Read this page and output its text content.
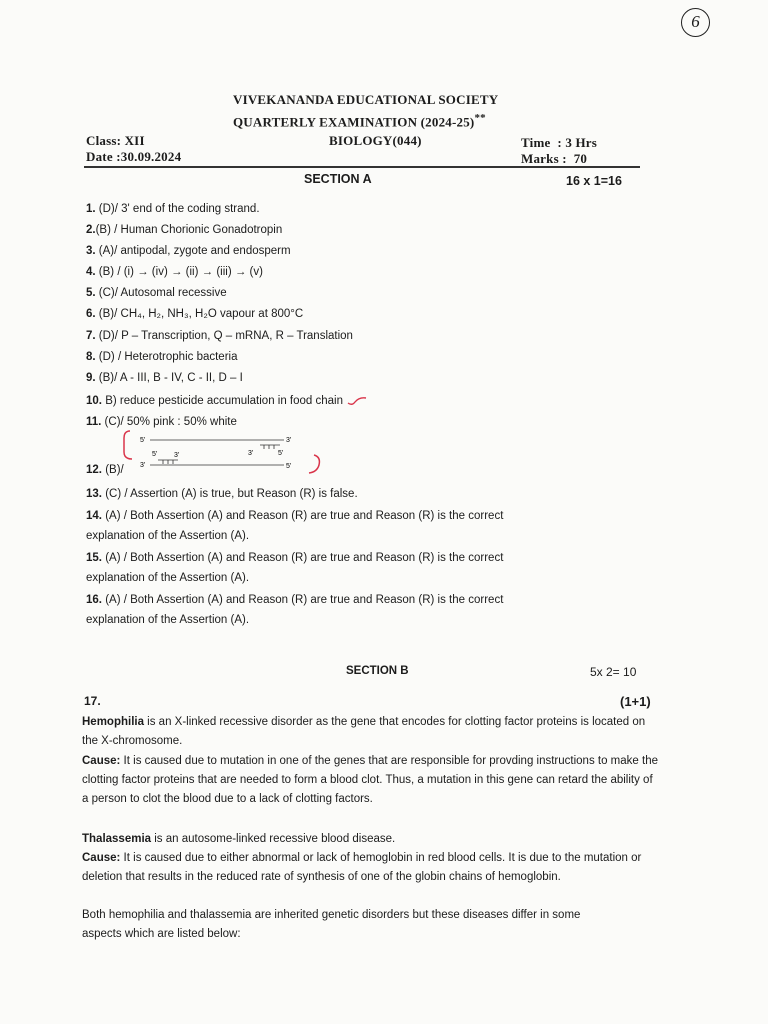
6
VIVEKANANDA EDUCATIONAL SOCIETY
QUARTERLY EXAMINATION (2024-25)**
Class: XII	BIOLOGY(044)	Time  : 3 Hrs
Date :30.09.2024	Marks :  70
SECTION A	16 x 1=16
1. (D)/ 3' end of the coding strand.
2.(B) / Human Chorionic Gonadotropin
3. (A)/ antipodal, zygote and endosperm
4. (B) / (i) → (iv) → (ii) → (iii) → (v)
5. (C)/ Autosomal recessive
6. (B)/ CH₄, H₂, NH₃, H₂O vapour at 800°C
7. (D)/ P – Transcription, Q – mRNA, R – Translation
8. (D) / Heterotrophic bacteria
9. (B)/ A - III, B - IV, C - II, D – I
10. B) reduce pesticide accumulation in food chain
11. (C)/ 50% pink : 50% white
5'	3'
3'	5'
5' 3'
3'	5'
12. (B)/
13. (C) / Assertion (A) is true, but Reason (R) is false.
14. (A) / Both Assertion (A) and Reason (R) are true and Reason (R) is the correct
explanation of the Assertion (A).
15. (A) / Both Assertion (A) and Reason (R) are true and Reason (R) is the correct
explanation of the Assertion (A).
16. (A) / Both Assertion (A) and Reason (R) are true and Reason (R) is the correct
explanation of the Assertion (A).
SECTION B	5x 2= 10
17.	(1+1)
Hemophilia is an X-linked recessive disorder as the gene that encodes for clotting factor proteins is located on the X-chromosome.
Cause: It is caused due to mutation in one of the genes that are responsible for provding instructions to make the clotting factor proteins that are needed to form a blood clot. Thus, a mutation in this gene can retard the ability of a person to clot the blood due to a lack of clotting factors.
Thalassemia is an autosome-linked recessive blood disease.
Cause: It is caused due to either abnormal or lack of hemoglobin in red blood cells. It is due to the mutation or deletion that results in the reduced rate of synthesis of one of the globin chains of hemoglobin.
Both hemophilia and thalassemia are inherited genetic disorders but these diseases differ in some aspects which are listed below:
